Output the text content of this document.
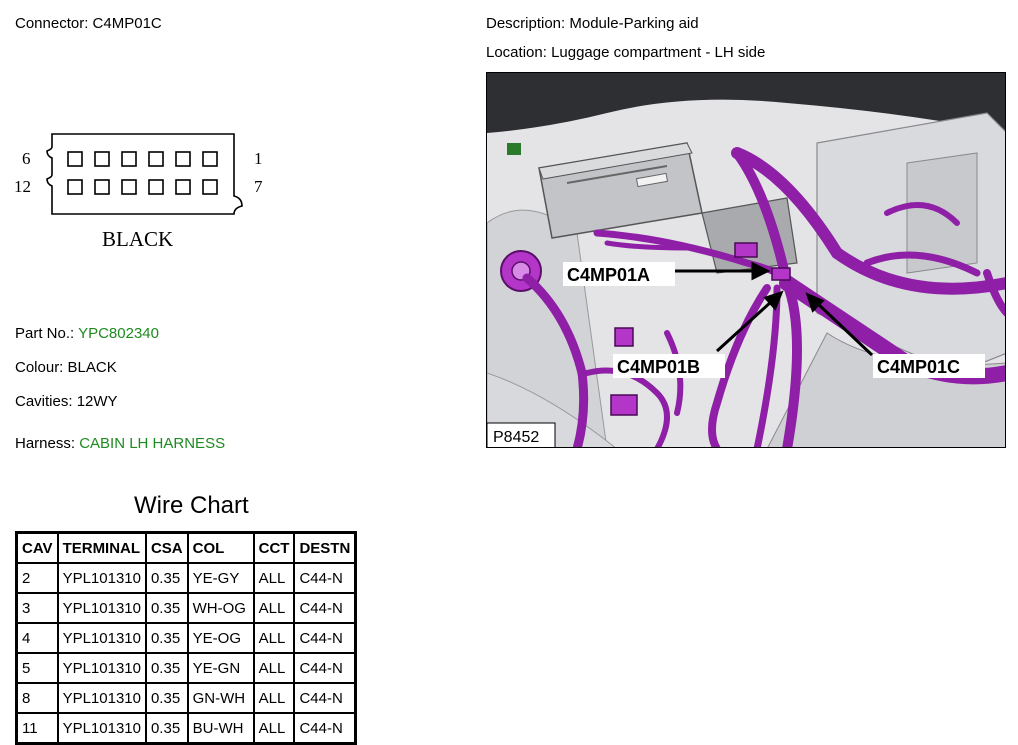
Connector: C4MP01C	Description: Module-Parking aid
Location: Luggage compartment - LH side
6	1
12	7
BLACK
Part No.: YPC802340
Colour: BLACK
Cavities: 12WY
Harness: CABIN LH HARNESS
C4MP01A
C4MP01B	C4MP01C
P8452
Wire Chart
CAV	TERMINAL	CSA	COL	CCT	DESTN
2	YPL101310	0.35	YE-GY	ALL	C44-N
3	YPL101310	0.35	WH-OG	ALL	C44-N
4	YPL101310	0.35	YE-OG	ALL	C44-N
5	YPL101310	0.35	YE-GN	ALL	C44-N
8	YPL101310	0.35	GN-WH	ALL	C44-N
11	YPL101310	0.35	BU-WH	ALL	C44-N
